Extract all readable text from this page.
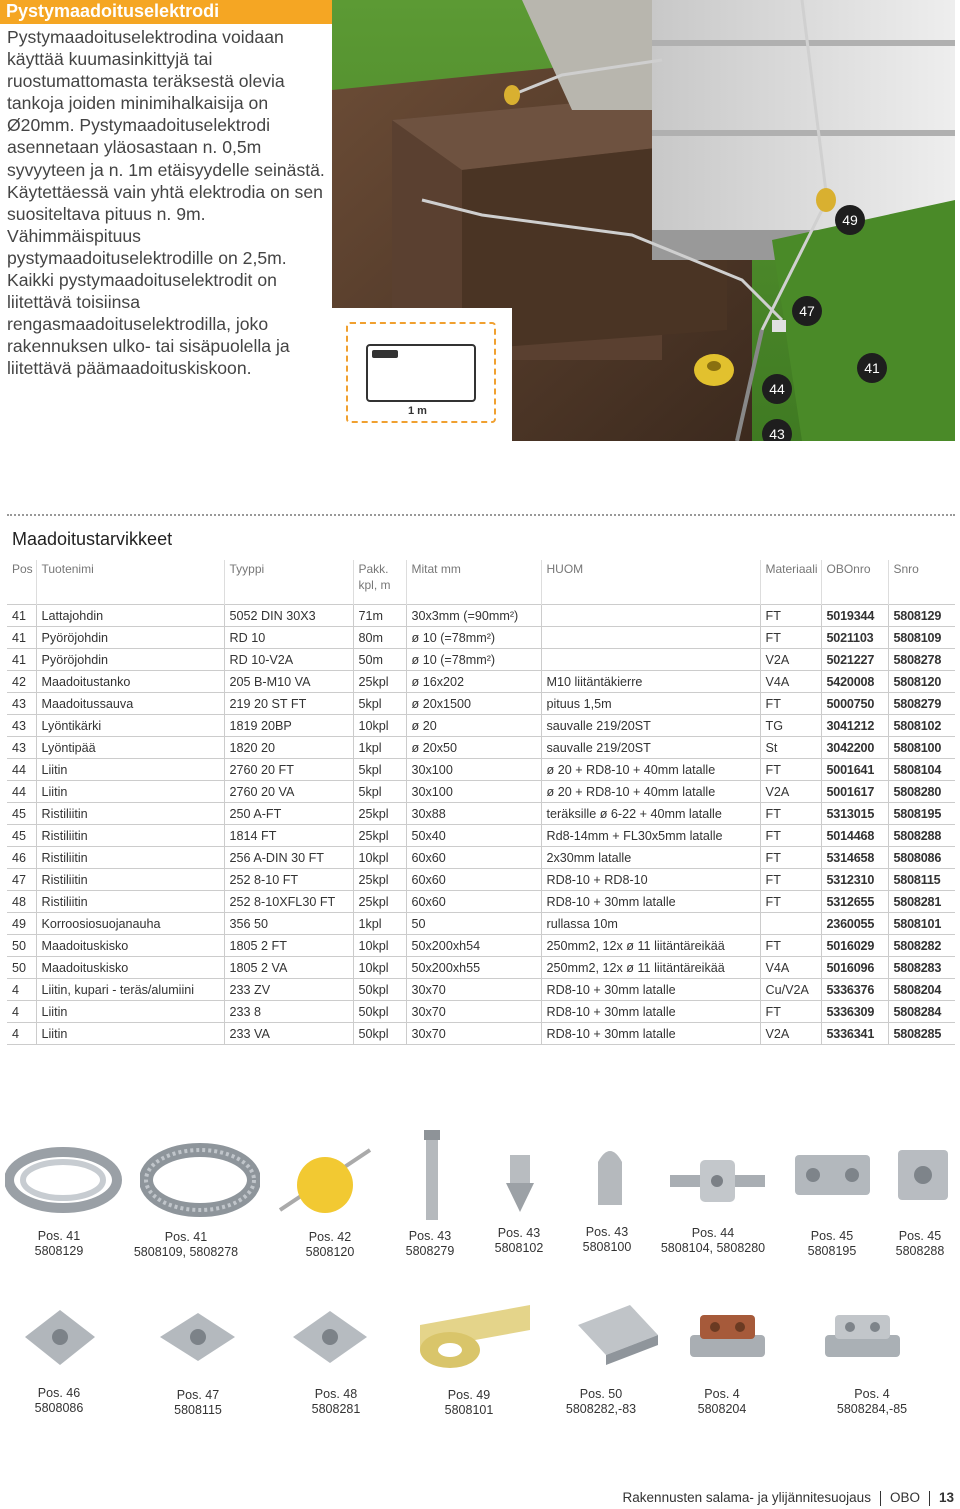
Pystymaadoituselektrodi

Pystymaadoituselektrodina voidaan käyttää kuumasinkittyjä tai ruostumattomasta teräksestä olevia tankoja joiden minimihalkaisija on Ø20mm. Pystymaadoituselektrodi asennetaan yläosastaan n. 0,5m syvyyteen ja n. 1m etäisyydelle seinästä. Käytettäessä vain yhtä elektrodia on sen suositeltava pituus n. 9m. Vähimmäispituus pystymaadoituselektrodille on 2,5m. Kaikki pystymaadoituselektrodit on liitettävä toisiinsa rengasmaadoituselektrodilla, joko rakennuksen ulko- tai sisäpuolella ja liitettävä päämaadoituskiskoon.

49
47
41
44
43
1 m
Maadoitustarvikkeet
Pos	Tuotenimi	Tyyppi	Pakk. kpl, m	Mitat mm	HUOM	Materiaali	OBOnro	Snro
41	Lattajohdin	5052 DIN 30X3	71m	30x3mm (=90mm²)		FT	5019344	5808129
41	Pyöröjohdin	RD 10	80m	ø 10 (=78mm²)		FT	5021103	5808109
41	Pyöröjohdin	RD 10-V2A	50m	ø 10 (=78mm²)		V2A	5021227	5808278
42	Maadoitustanko	205 B-M10 VA	25kpl	ø 16x202	M10 liitäntäkierre	V4A	5420008	5808120
43	Maadoitussauva	219 20 ST FT	5kpl	ø 20x1500	pituus 1,5m	FT	5000750	5808279
43	Lyöntikärki	1819 20BP	10kpl	ø 20	sauvalle 219/20ST	TG	3041212	5808102
43	Lyöntipää	1820 20	1kpl	ø 20x50	sauvalle 219/20ST	St	3042200	5808100
44	Liitin	2760 20 FT	5kpl	30x100	ø 20 + RD8-10 + 40mm latalle	FT	5001641	5808104
44	Liitin	2760 20 VA	5kpl	30x100	ø 20 + RD8-10 + 40mm latalle	V2A	5001617	5808280
45	Ristiliitin	250 A-FT	25kpl	30x88	teräksille ø 6-22 + 40mm latalle	FT	5313015	5808195
45	Ristiliitin	1814 FT	25kpl	50x40	Rd8-14mm + FL30x5mm latalle	FT	5014468	5808288
46	Ristiliitin	256 A-DIN 30 FT	10kpl	60x60	2x30mm latalle	FT	5314658	5808086
47	Ristiliitin	252 8-10 FT	25kpl	60x60	RD8-10 + RD8-10	FT	5312310	5808115
48	Ristiliitin	252 8-10XFL30 FT	25kpl	60x60	RD8-10 + 30mm latalle	FT	5312655	5808281
49	Korroosiosuojanauha	356 50	1kpl	50	rullassa 10m		2360055	5808101
50	Maadoituskisko	1805 2 FT	10kpl	50x200xh54	250mm2, 12x ø 11 liitäntäreikää	FT	5016029	5808282
50	Maadoituskisko	1805 2 VA	10kpl	50x200xh55	250mm2, 12x ø 11 liitäntäreikää	V4A	5016096	5808283
4	Liitin, kupari - teräs/alumiini	233 ZV	50kpl	30x70	RD8-10 + 30mm latalle	Cu/V2A	5336376	5808204
4	Liitin	233 8	50kpl	30x70	RD8-10 + 30mm latalle	FT	5336309	5808284
4	Liitin	233 VA	50kpl	30x70	RD8-10 + 30mm latalle	V2A	5336341	5808285
Pos. 41
5808129
Pos. 41
5808109, 5808278
Pos. 42
5808120
Pos. 43
5808279
Pos. 43
5808102
Pos. 43
5808100
Pos. 44
5808104, 5808280
Pos. 45
5808195
Pos. 45
5808288
Pos. 46
5808086
Pos. 47
5808115
Pos. 48
5808281
Pos. 49
5808101
Pos. 50
5808282,-83
Pos. 4
5808204
Pos. 4
5808284,-85
Rakennusten salama- ja ylijännitesuojaus OBO 13
